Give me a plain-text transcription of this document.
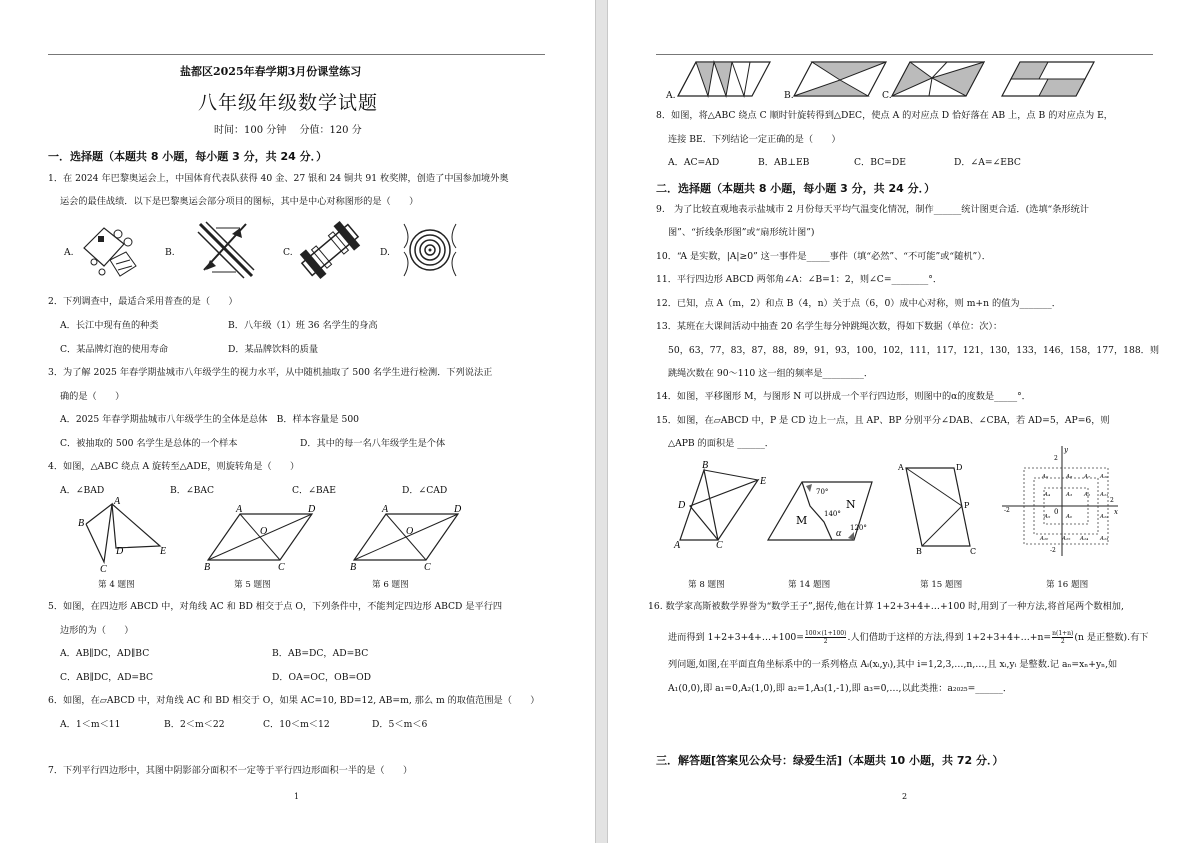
盐都区2025年春学期3月份课堂练习
八年级年级数学试题
时间：100 分钟　 分值：120 分
一．选择题（本题共 8 小题，每小题 3 分，共 24 分．）
1．在 2024 年巴黎奥运会上，中国体育代表队获得 40 金、27 银和 24 铜共 91 枚奖牌，创造了中国参加境外奥
运会的最佳战绩．以下是巴黎奥运会部分项目的图标，其中是中心对称图形的是（　　）
A.	B.	C.	D.
2．下列调查中，最适合采用普查的是（　　）
A．长江中现有鱼的种类	B．八年级（1）班 36 名学生的身高
C．某品牌灯泡的使用寿命	D．某品牌饮料的质量
3．为了解 2025 年春学期盐城市八年级学生的视力水平，从中随机抽取了 500 名学生进行检测．下列说法正
确的是（　　）
A．2025 年春学期盐城市八年级学生的全体是总体　B．样本容量是 500
C．被抽取的 500 名学生是总体的一个样本	D．其中的每一名八年级学生是个体
4．如图，△ABC 绕点 A 旋转至△ADE，则旋转角是（　　）
A．∠BAD	B．∠BAC	C．∠BAE	D．∠CAD
B
A
D	E
C
A	D
O
B	C
A	D
O
B	C
第 4 题图	第 5 题图	第 6 题图
5．如图，在四边形 ABCD 中，对角线 AC 和 BD 相交于点 O，下列条件中，不能判定四边形 ABCD 是平行四
边形的为（　　）
A．AB∥DC，AD∥BC	B．AB=DC，AD=BC
C．AB∥DC，AD=BC	D．OA=OC，OB=OD
6．如图，在▱ABCD 中，对角线 AC 和 BD 相交于 O，如果 AC=10, BD=12, AB=m, 那么 m 的取值范围是（　　）
A．1＜m＜11	B．2＜m＜22	C．10＜m＜12	D．5＜m＜6
7．下列平行四边形中，其图中阴影部分面积不一定等于平行四边形面积一半的是（　　）
1
A.	B.	C.
8．如图，将△ABC 绕点 C 顺时针旋转得到△DEC，使点 A 的对应点 D 恰好落在 AB 上，点 B 的对应点为 E，
连接 BE．下列结论一定正确的是（　　）
A．AC=AD	B．AB⊥EB	C．BC=DE	D．∠A=∠EBC
二．选择题（本题共 8 小题，每小题 3 分，共 24 分．）
9.　为了比较直观地表示盐城市 2 月份每天平均气温变化情况，制作______统计图更合适．(选填“条形统计
图”、“折线条形图”或“扇形统计图”)
10．“A 是实数，|A|≥0” 这一事件是_____事件（填“必然”、“不可能”或“随机”）．
11．平行四边形 ABCD 两邻角∠A：∠B=1：2，则∠C=________°．
12．已知，点 A（m，2）和点 B（4，n）关于点（6，0）成中心对称，则 m+n 的值为_______．
13．某班在大课间活动中抽查 20 名学生每分钟跳绳次数，得如下数据（单位：次）：
50，63，77，83，87，88，89，91，93，100，102，111，117，121，130，133，146，158，177，188．则
跳绳次数在 90～110 这一组的频率是_________．
14．如图，平移图形 M，与图形 N 可以拼成一个平行四边形，则图中的α的度数是_____°．
15．如图，在▱ABCD 中，P 是 CD 边上一点，且 AP、BP 分别平分∠DAB、∠CBA，若 AD=5，AP=6，则
△APB 的面积是 ______．
B
E
D
A	C
70°
140°
120°
M
N
α
A	D
P
B	C
y
x
0
2
-2
-2
2
A₉	A₈ A₇ A₁₀
A₄	A₃ A₂ A₁₁
A₅	A₆	A₁₂
A₁₆ A₁₅ A₁₄ A₁₃
第 8 题图	第 14 题图	第 15 题图	第 16 题图
16. 数学家高斯被数学界誉为“数学王子”,据传,他在计算 1+2+3+4+…+100 时,用到了一种方法,将首尾两个数相加,
进而得到 1+2+3+4+…+100= $\frac{100\times(1+100)}{2}$ .人们借助于这样的方法,得到 1+2+3+4+…+n= $\frac{n(1+n)}{2} (n$ 是正整数).有下
列问题,如图,在平面直角坐标系中的一系列格点 Aᵢ(xᵢ,yᵢ),其中 i=1,2,3,…,n,…,且 xᵢ,yᵢ 是整数.记 aₙ=xₙ+yₙ,如
A₁(0,0),即 a₁=0,A₂(1,0),即 a₂=1,A₃(1,-1),即 a₃=0,…,以此类推：a₂₀₂₅=______．
三．解答题[答案见公众号：绿爱生活]（本题共 10 小题，共 72 分．）
2
